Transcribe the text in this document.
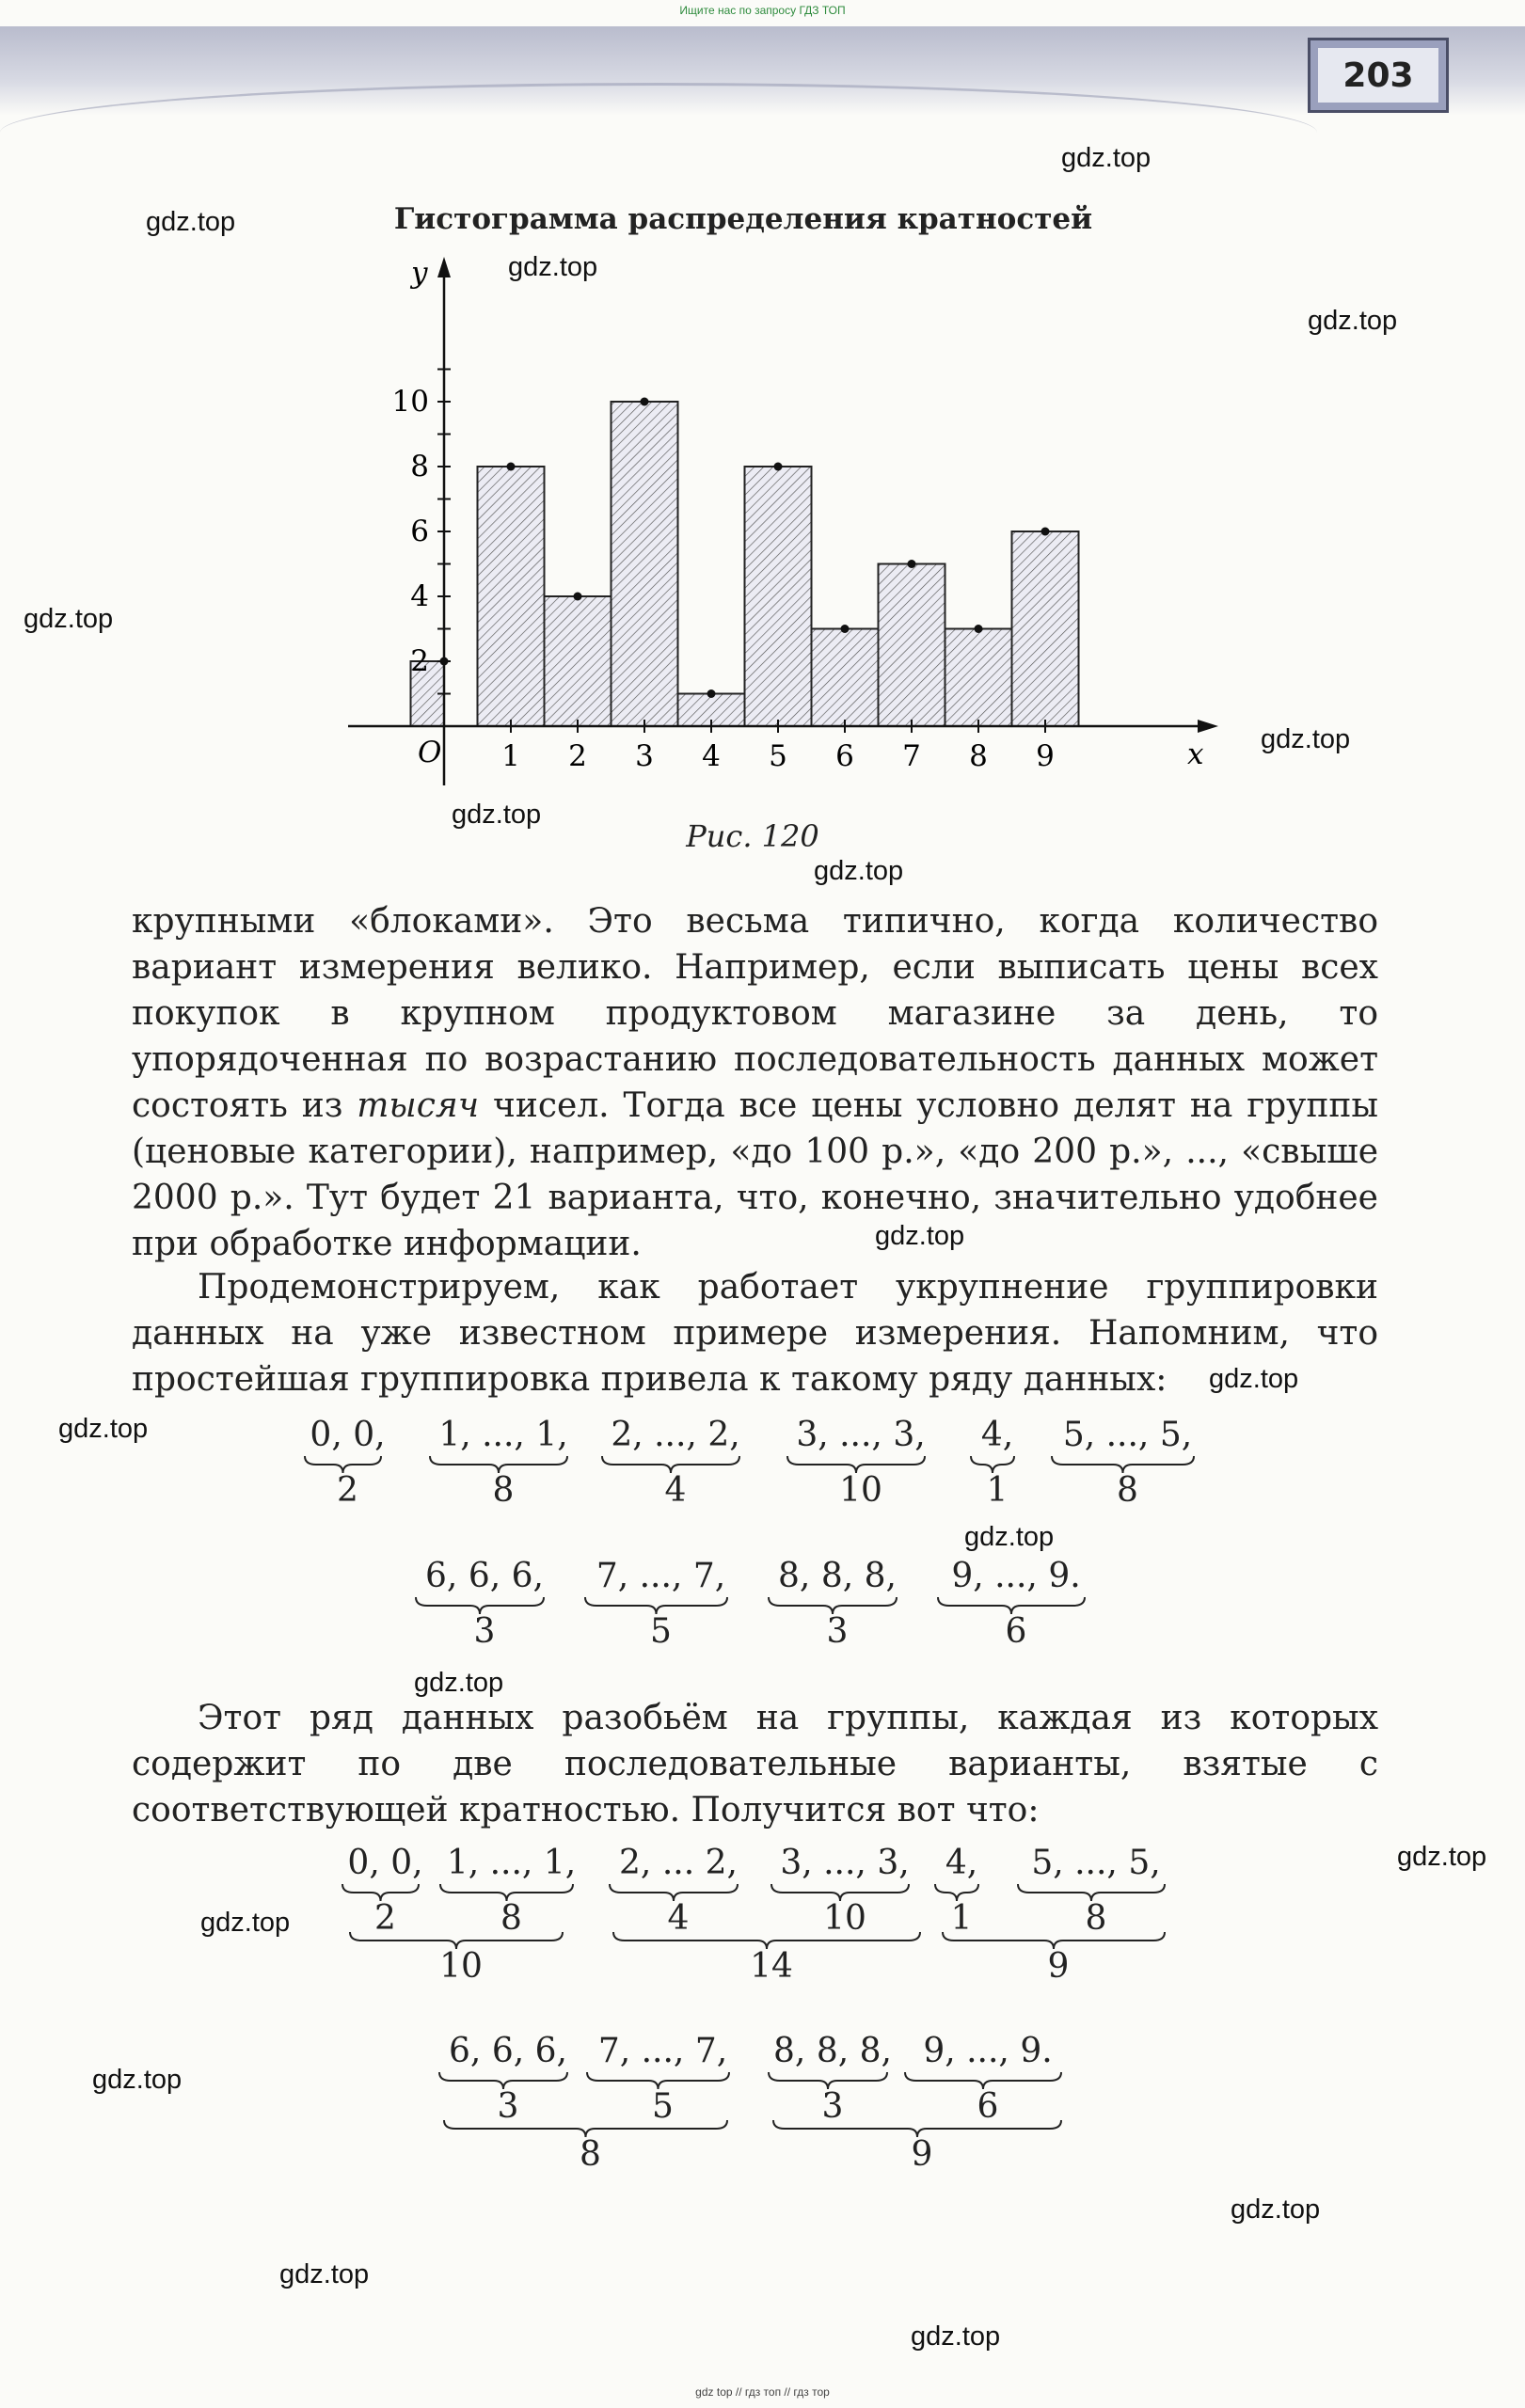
Ищите нас по запросу ГДЗ ТОП
203
gdz.top
gdz.top
gdz.top
gdz.top
gdz.top
gdz.top
gdz.top
gdz.top
gdz.top
gdz.top
gdz.top
gdz.top
gdz.top
gdz.top
gdz.top
gdz.top
gdz.top
gdz.top
gdz.top
Гистограмма распределения кратностей
1 2 3 4 5 6 7 8 9
2
4
6
8
10
O	x
y
Рис. 120

крупными «блоками». Это весьма типично, когда количество вариант измерения велико. Например, если выписать цены всех покупок в крупном продуктовом магазине за день, то упорядоченная по возрастанию последовательность данных может состоять из тысяч чисел. Тогда все цены условно делят на группы (ценовые категории), например, «до 100 р.», «до 200 р.», ..., «свыше 2000 р.». Тут будет 21 варианта, что, конечно, значительно удобнее при обработке информации.

Продемонстрируем, как работает укрупнение группировки данных на уже известном примере измерения. Напомним, что простейшая группировка привела к такому ряду данных:

0, 0,
2
1, ..., 1,
8
2, ..., 2,
4
3, ..., 3,
10
4,
1
5, ..., 5,
8
6, 6, 6,
3
7, ..., 7,
5
8, 8, 8,
3
9, ..., 9.
6

Этот ряд данных разобьём на группы, каждая из которых содержит по две последовательные варианты, взятые с соответствующей кратностью. Получится вот что:

0, 0,
2
1, ..., 1,
8
2, ... 2,
4
3, ..., 3,
10
4,
1
5, ..., 5,
8
10	14	9
6, 6, 6,
3
7, ..., 7,
5
8, 8, 8,
3
9, ..., 9.
6
8	9
gdz top // гдз топ // гдз тор
